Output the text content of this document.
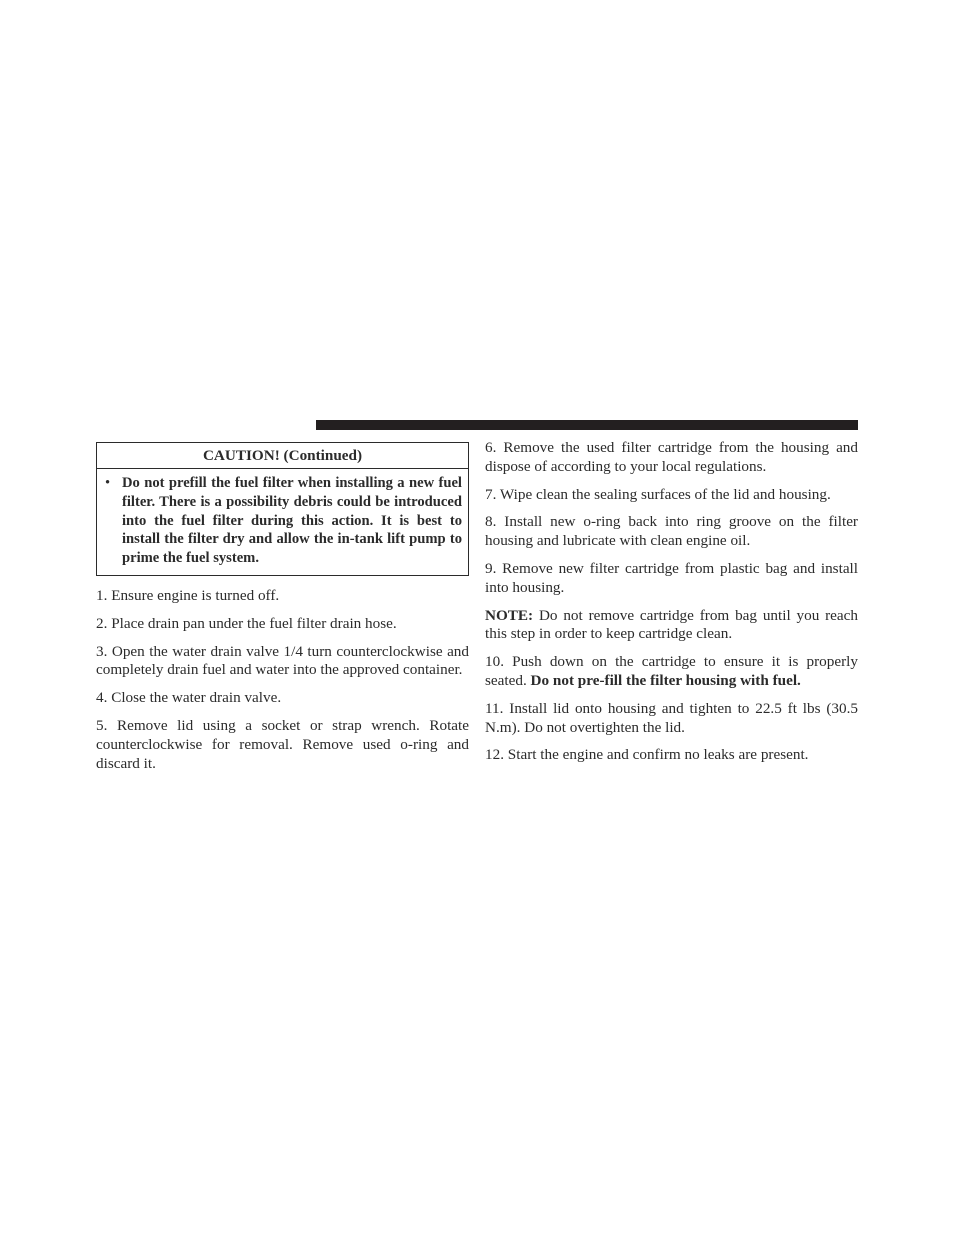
CAUTION! (Continued)
• Do not prefill the fuel filter when installing a new fuel filter. There is a possibility debris could be introduced into the fuel filter during this action. It is best to install the filter dry and allow the in-tank lift pump to prime the fuel system.

1. Ensure engine is turned off.

2. Place drain pan under the fuel filter drain hose.

3. Open the water drain valve 1/4 turn counterclockwise and completely drain fuel and water into the approved container.

4. Close the water drain valve.

5. Remove lid using a socket or strap wrench. Rotate counterclockwise for removal. Remove used o-ring and discard it.

6. Remove the used filter cartridge from the housing and dispose of according to your local regulations.

7. Wipe clean the sealing surfaces of the lid and housing.

8. Install new o-ring back into ring groove on the filter housing and lubricate with clean engine oil.

9. Remove new filter cartridge from plastic bag and install into housing.

NOTE: Do not remove cartridge from bag until you reach this step in order to keep cartridge clean.

10. Push down on the cartridge to ensure it is properly seated. Do not pre-fill the filter housing with fuel.

11. Install lid onto housing and tighten to 22.5 ft lbs (30.5 N.m). Do not overtighten the lid.

12. Start the engine and confirm no leaks are present.
